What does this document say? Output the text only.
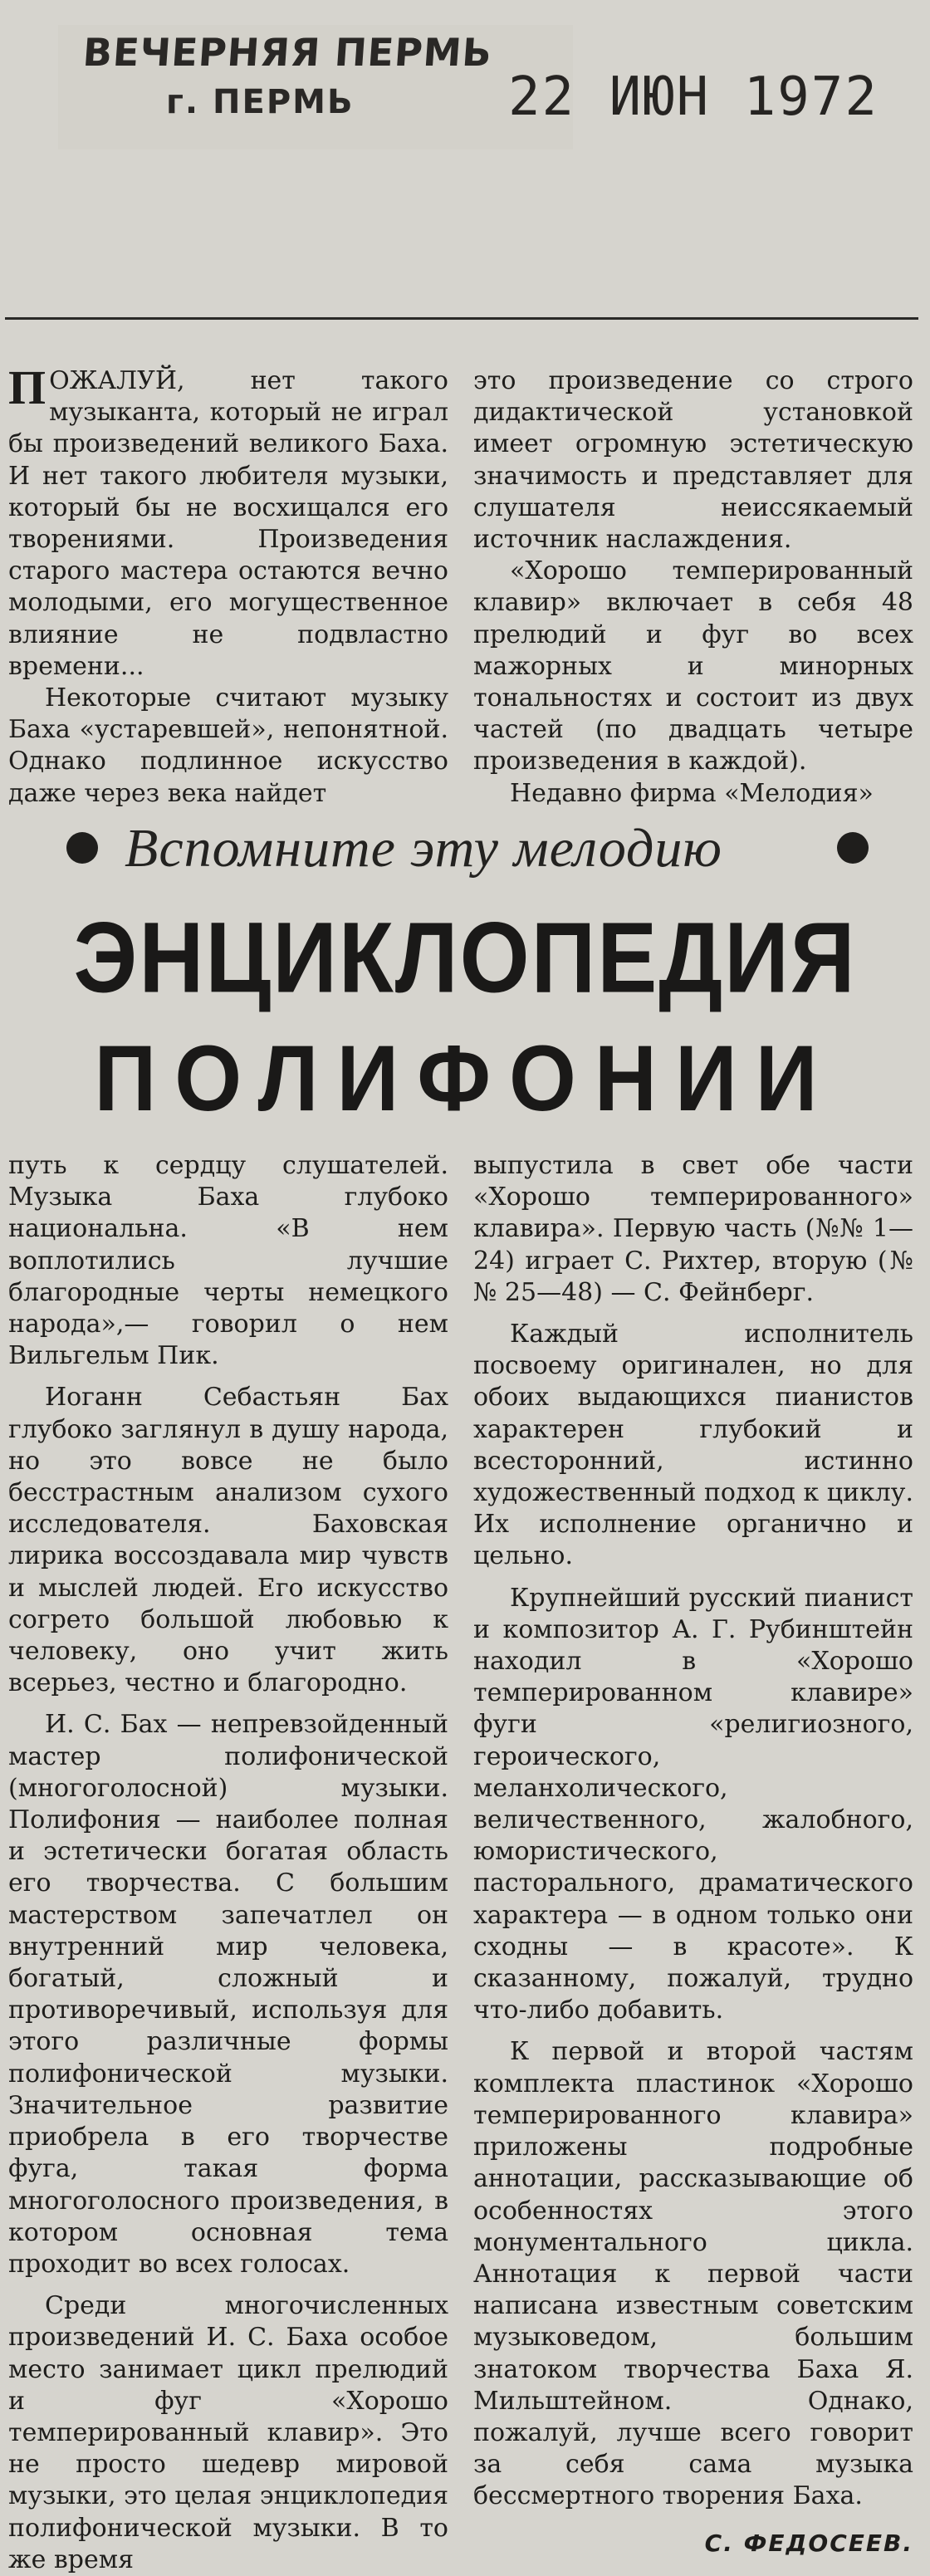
ВЕЧЕРНЯЯ ПЕРМЬ
г. ПЕРМЬ	22 ИЮН 1972

ПОЖАЛУЙ, нет такого музыканта, который не играл бы произведений великого Баха. И нет такого любителя музыки, который бы не восхищался его творениями. Произведения старого мастера остаются вечно молодыми, его могущественное влияние не подвластно времени...

Некоторые считают музыку Баха «устаревшей», непонятной. Однако подлинное искусство даже через века найдет

это произведение со строго дидактической установкой имеет огромную эстетическую значимость и представляет для слушателя неиссякаемый источник наслаждения.

«Хорошо темперированный клавир» включает в себя 48 прелюдий и фуг во всех мажорных и минорных тональностях и состоит из двух частей (по двадцать четыре произведения в каждой).

Недавно фирма «Мелодия»

Вспомните эту мелодию
ЭНЦИКЛОПЕДИЯ
ПОЛИФОНИИ

путь к сердцу слушателей. Музыка Баха глубоко национальна. «В нем воплотились лучшие благородные черты немецкого народа»,— говорил о нем Вильгельм Пик.

Иоганн Себастьян Бах глубоко заглянул в душу народа, но это вовсе не было бесстрастным анализом сухого исследователя. Баховская лирика воссоздавала мир чувств и мыслей людей. Его искусство согрето большой любовью к человеку, оно учит жить всерьез, честно и благородно.

И. С. Бах — непревзойденный мастер полифонической (многоголосной) музыки. Полифония — наиболее полная и эстетически богатая область его творчества. С большим мастерством запечатлел он внутренний мир человека, богатый, сложный и противоречивый, используя для этого различные формы полифонической музыки. Значительное развитие приобрела в его творчестве фуга, такая форма многоголосного произведения, в котором основная тема проходит во всех голосах.

Среди многочисленных произведений И. С. Баха особое место занимает цикл прелюдий и фуг «Хорошо темперированный клавир». Это не просто шедевр мировой музыки, это целая энциклопедия полифонической музыки. В то же время

выпустила в свет обе части «Хорошо темперированного» клавира». Первую часть (№№ 1—24) играет С. Рихтер, вторую (№№ 25—48) — С. Фейнберг.

Каждый исполнитель посвоему оригинален, но для обоих выдающихся пианистов характерен глубокий и всесторонний, истинно художественный подход к циклу. Их исполнение органично и цельно.

Крупнейший русский пианист и композитор А. Г. Рубинштейн находил в «Хорошо темперированном клавире» фуги «религиозного, героического, меланхолического, величественного, жалобного, юмористического, пасторального, драматического характера — в одном только они сходны — в красоте». К сказанному, пожалуй, трудно что-либо добавить.

К первой и второй частям комплекта пластинок «Хорошо темперированного клавира» приложены подробные аннотации, рассказывающие об особенностях этого монументального цикла. Аннотация к первой части написана известным советским музыковедом, большим знатоком творчества Баха Я. Мильштейном. Однако, пожалуй, лучше всего говорит за себя сама музыка бессмертного творения Баха.

С. ФЕДОСЕЕВ.
